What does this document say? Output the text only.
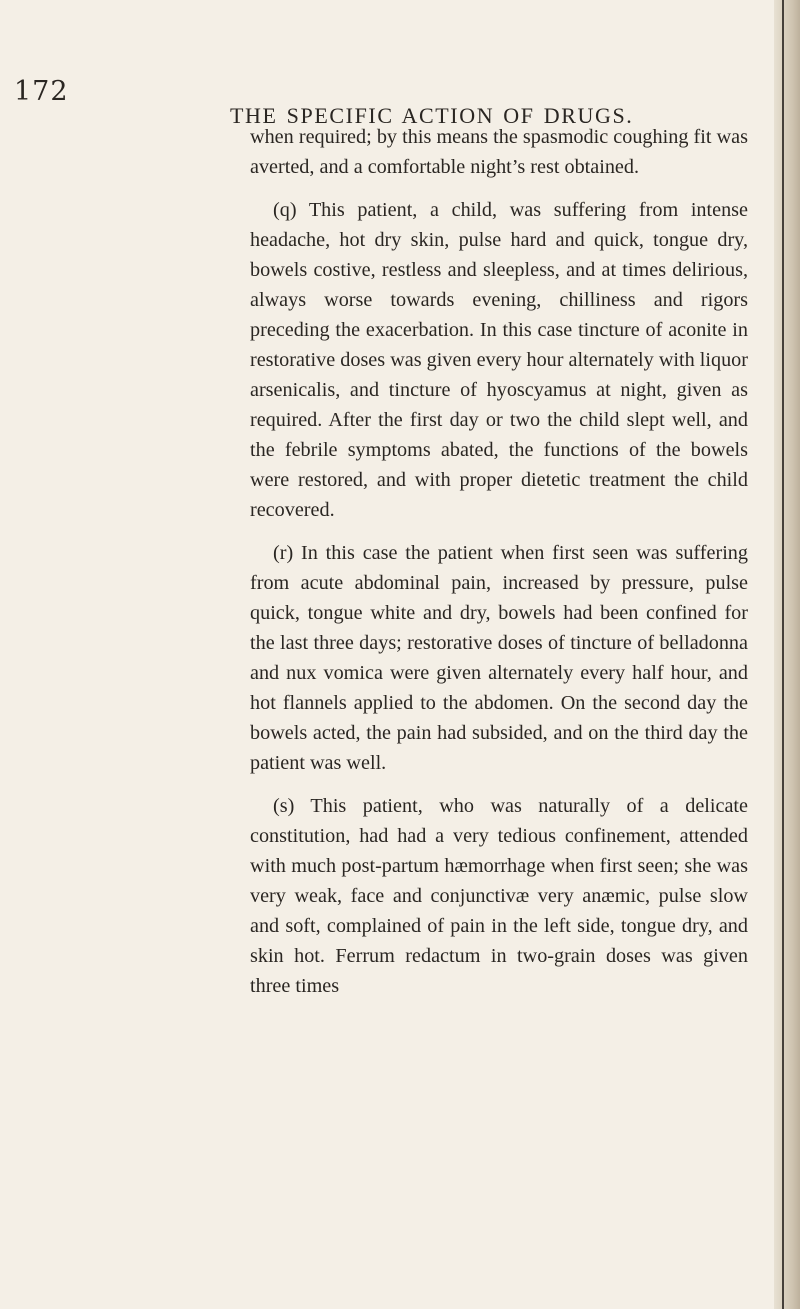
172
THE SPECIFIC ACTION OF DRUGS.

when required; by this means the spasmodic coughing fit was averted, and a comfortable night’s rest obtained.

(q) This patient, a child, was suffering from intense headache, hot dry skin, pulse hard and quick, tongue dry, bowels costive, restless and sleepless, and at times delirious, always worse towards evening, chilliness and rigors preceding the exacerbation. In this case tincture of aconite in restorative doses was given every hour alternately with liquor arsenicalis, and tincture of hyoscyamus at night, given as required. After the first day or two the child slept well, and the febrile symptoms abated, the functions of the bowels were restored, and with proper dietetic treatment the child recovered.

(r) In this case the patient when first seen was suffering from acute abdominal pain, increased by pressure, pulse quick, tongue white and dry, bowels had been confined for the last three days; restorative doses of tincture of belladonna and nux vomica were given alternately every half hour, and hot flannels applied to the abdomen. On the second day the bowels acted, the pain had subsided, and on the third day the patient was well.

(s) This patient, who was naturally of a delicate constitution, had had a very tedious confinement, attended with much post-partum hæmorrhage when first seen; she was very weak, face and conjunctivæ very anæmic, pulse slow and soft, complained of pain in the left side, tongue dry, and skin hot. Ferrum redactum in two-grain doses was given three times
